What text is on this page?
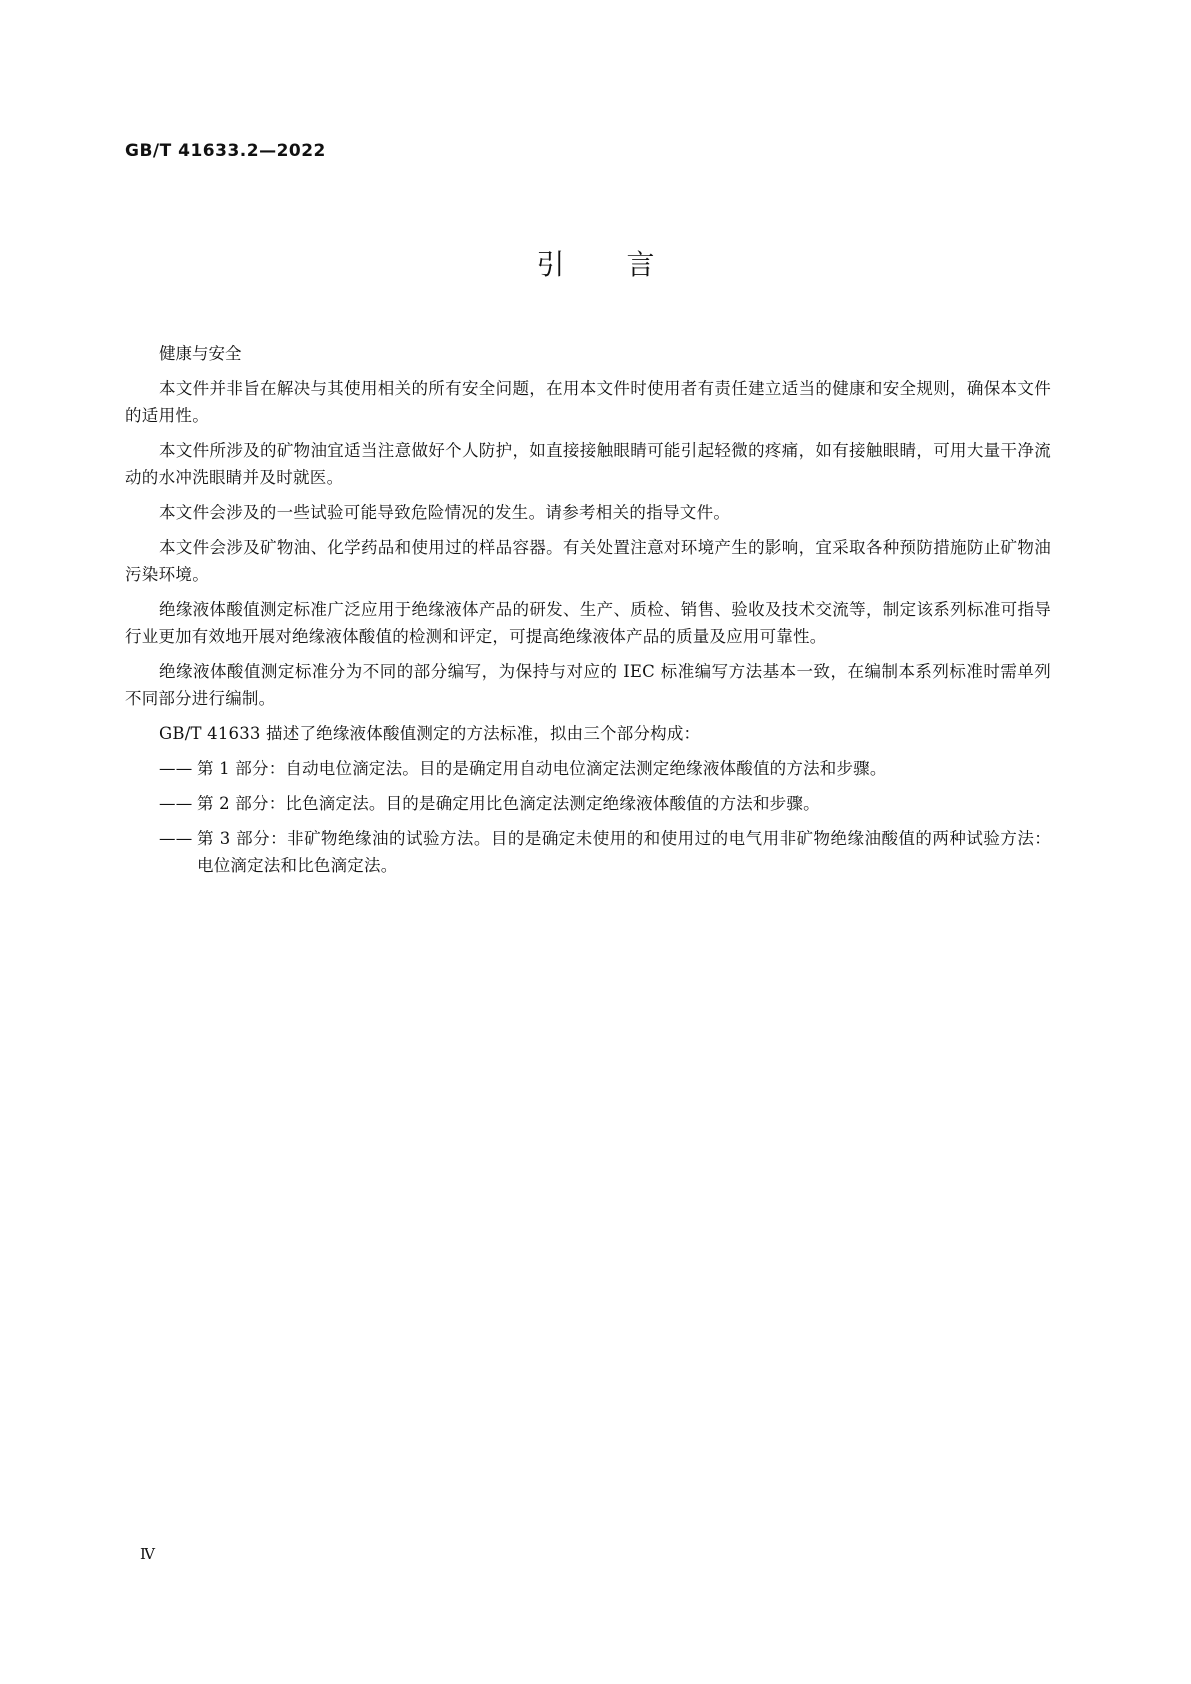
GB/T 41633.2—2022
引言
健康与安全

本文件并非旨在解决与其使用相关的所有安全问题，在用本文件时使用者有责任建立适当的健康和安全规则，确保本文件的适用性。

本文件所涉及的矿物油宜适当注意做好个人防护，如直接接触眼睛可能引起轻微的疼痛，如有接触眼睛，可用大量干净流动的水冲洗眼睛并及时就医。

本文件会涉及的一些试验可能导致危险情况的发生。请参考相关的指导文件。

本文件会涉及矿物油、化学药品和使用过的样品容器。有关处置注意对环境产生的影响，宜采取各种预防措施防止矿物油污染环境。

绝缘液体酸值测定标准广泛应用于绝缘液体产品的研发、生产、质检、销售、验收及技术交流等，制定该系列标准可指导行业更加有效地开展对绝缘液体酸值的检测和评定，可提高绝缘液体产品的质量及应用可靠性。

绝缘液体酸值测定标准分为不同的部分编写，为保持与对应的 IEC 标准编写方法基本一致，在编制本系列标准时需单列不同部分进行编制。

GB/T 41633 描述了绝缘液体酸值测定的方法标准，拟由三个部分构成：

—— 第 1 部分：自动电位滴定法。目的是确定用自动电位滴定法测定绝缘液体酸值的方法和步骤。
—— 第 2 部分：比色滴定法。目的是确定用比色滴定法测定绝缘液体酸值的方法和步骤。
—— 第 3 部分：非矿物绝缘油的试验方法。目的是确定未使用的和使用过的电气用非矿物绝缘油酸值的两种试验方法：电位滴定法和比色滴定法。
Ⅳ
